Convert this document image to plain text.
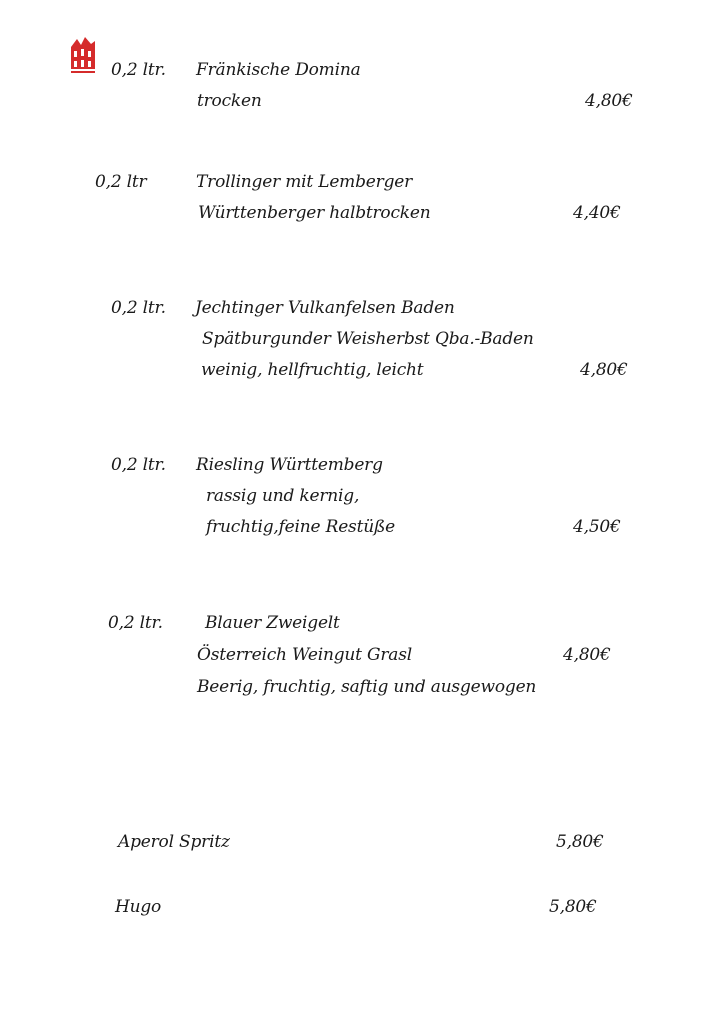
0,2 ltr. Fränkische Domina
trocken	4,80€
0,2 ltr	Trollinger mit Lemberger
Württenberger halbtrocken	4,40€
0,2 ltr. Jechtinger Vulkanfelsen Baden
Spätburgunder Weisherbst Qba.-Baden
weinig, hellfruchtig, leicht	4,80€
0,2 ltr. Riesling Württemberg
rassig und kernig,
fruchtig,feine Restüße	4,50€
0,2 ltr. Blauer Zweigelt
Österreich Weingut Grasl	4,80€
Beerig, fruchtig, saftig und ausgewogen
Aperol Spritz	5,80€
Hugo	5,80€
